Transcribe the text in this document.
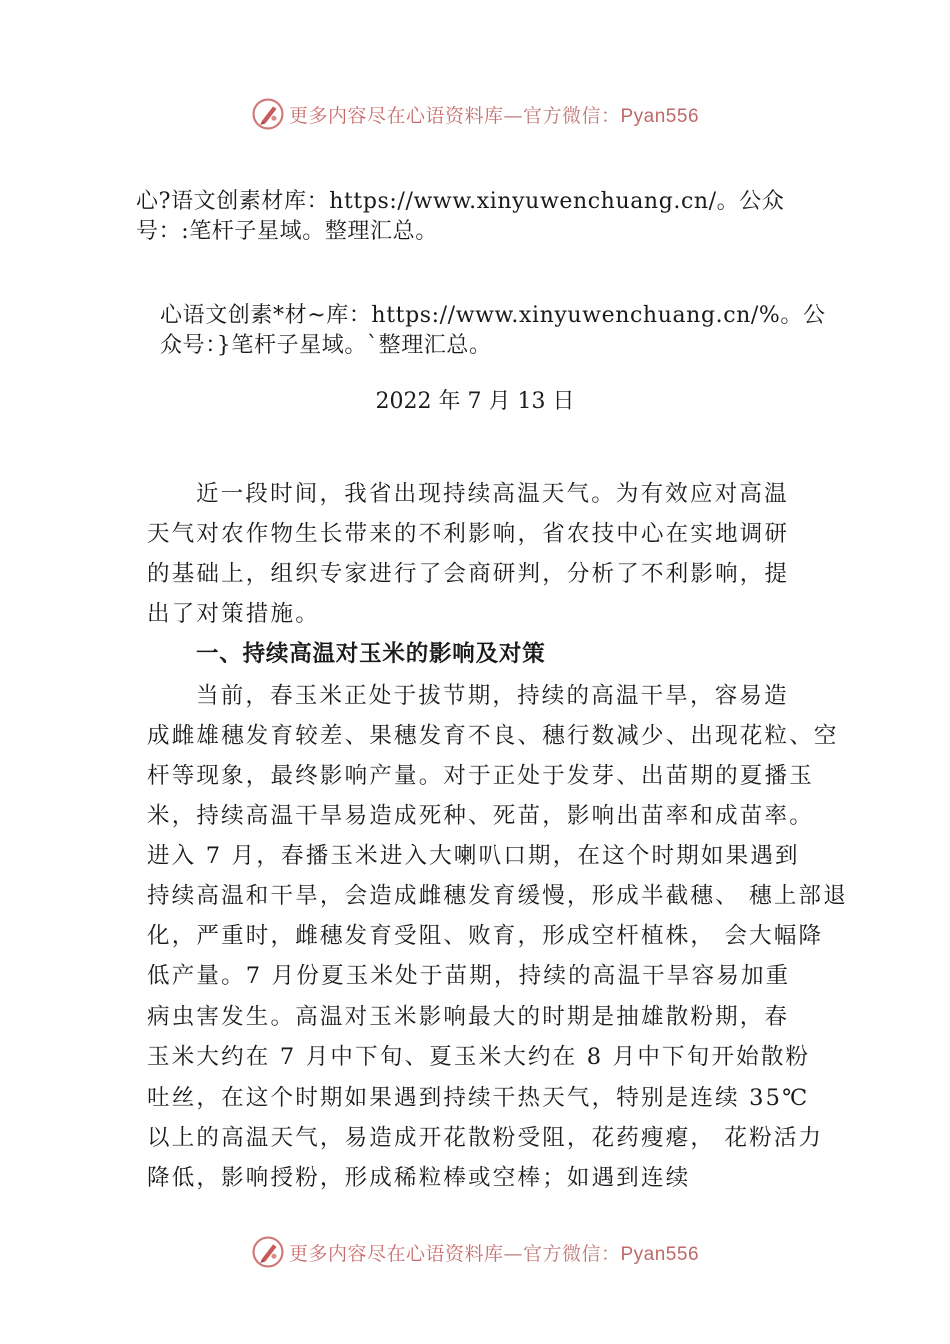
更多内容尽在心语资料库—官方微信：Pyan556
心?语文创素材库：https://www.xinyuwenchuang.cn/。公众
号：:笔杆子星域。整理汇总。
心语文创素*材~库：https://www.xinyuwenchuang.cn/%。公
众号：}笔杆子星域。`整理汇总。
2022 年 7 月 13 日
近一段时间，我省出现持续高温天气。为有效应对高温
天气对农作物生长带来的不利影响，省农技中心在实地调研
的基础上，组织专家进行了会商研判，分析了不利影响，提
出了对策措施。
一、持续高温对玉米的影响及对策
当前，春玉米正处于拔节期，持续的高温干旱，容易造
成雌雄穗发育较差、果穗发育不良、穗行数减少、出现花粒、空
杆等现象，最终影响产量。对于正处于发芽、出苗期的夏播玉
米，持续高温干旱易造成死种、死苗，影响出苗率和成苗率。
进入 7 月，春播玉米进入大喇叭口期，在这个时期如果遇到
持续高温和干旱，会造成雌穗发育缓慢，形成半截穗、 穗上部退
化，严重时，雌穗发育受阻、败育，形成空杆植株， 会大幅降
低产量。7 月份夏玉米处于苗期，持续的高温干旱容易加重
病虫害发生。高温对玉米影响最大的时期是抽雄散粉期，春
玉米大约在 7 月中下旬、夏玉米大约在 8 月中下旬开始散粉
吐丝，在这个时期如果遇到持续干热天气，特别是连续 35℃
以上的高温天气，易造成开花散粉受阻，花药瘦瘪， 花粉活力
降低，影响授粉，形成稀粒棒或空棒；如遇到连续
更多内容尽在心语资料库—官方微信：Pyan556
